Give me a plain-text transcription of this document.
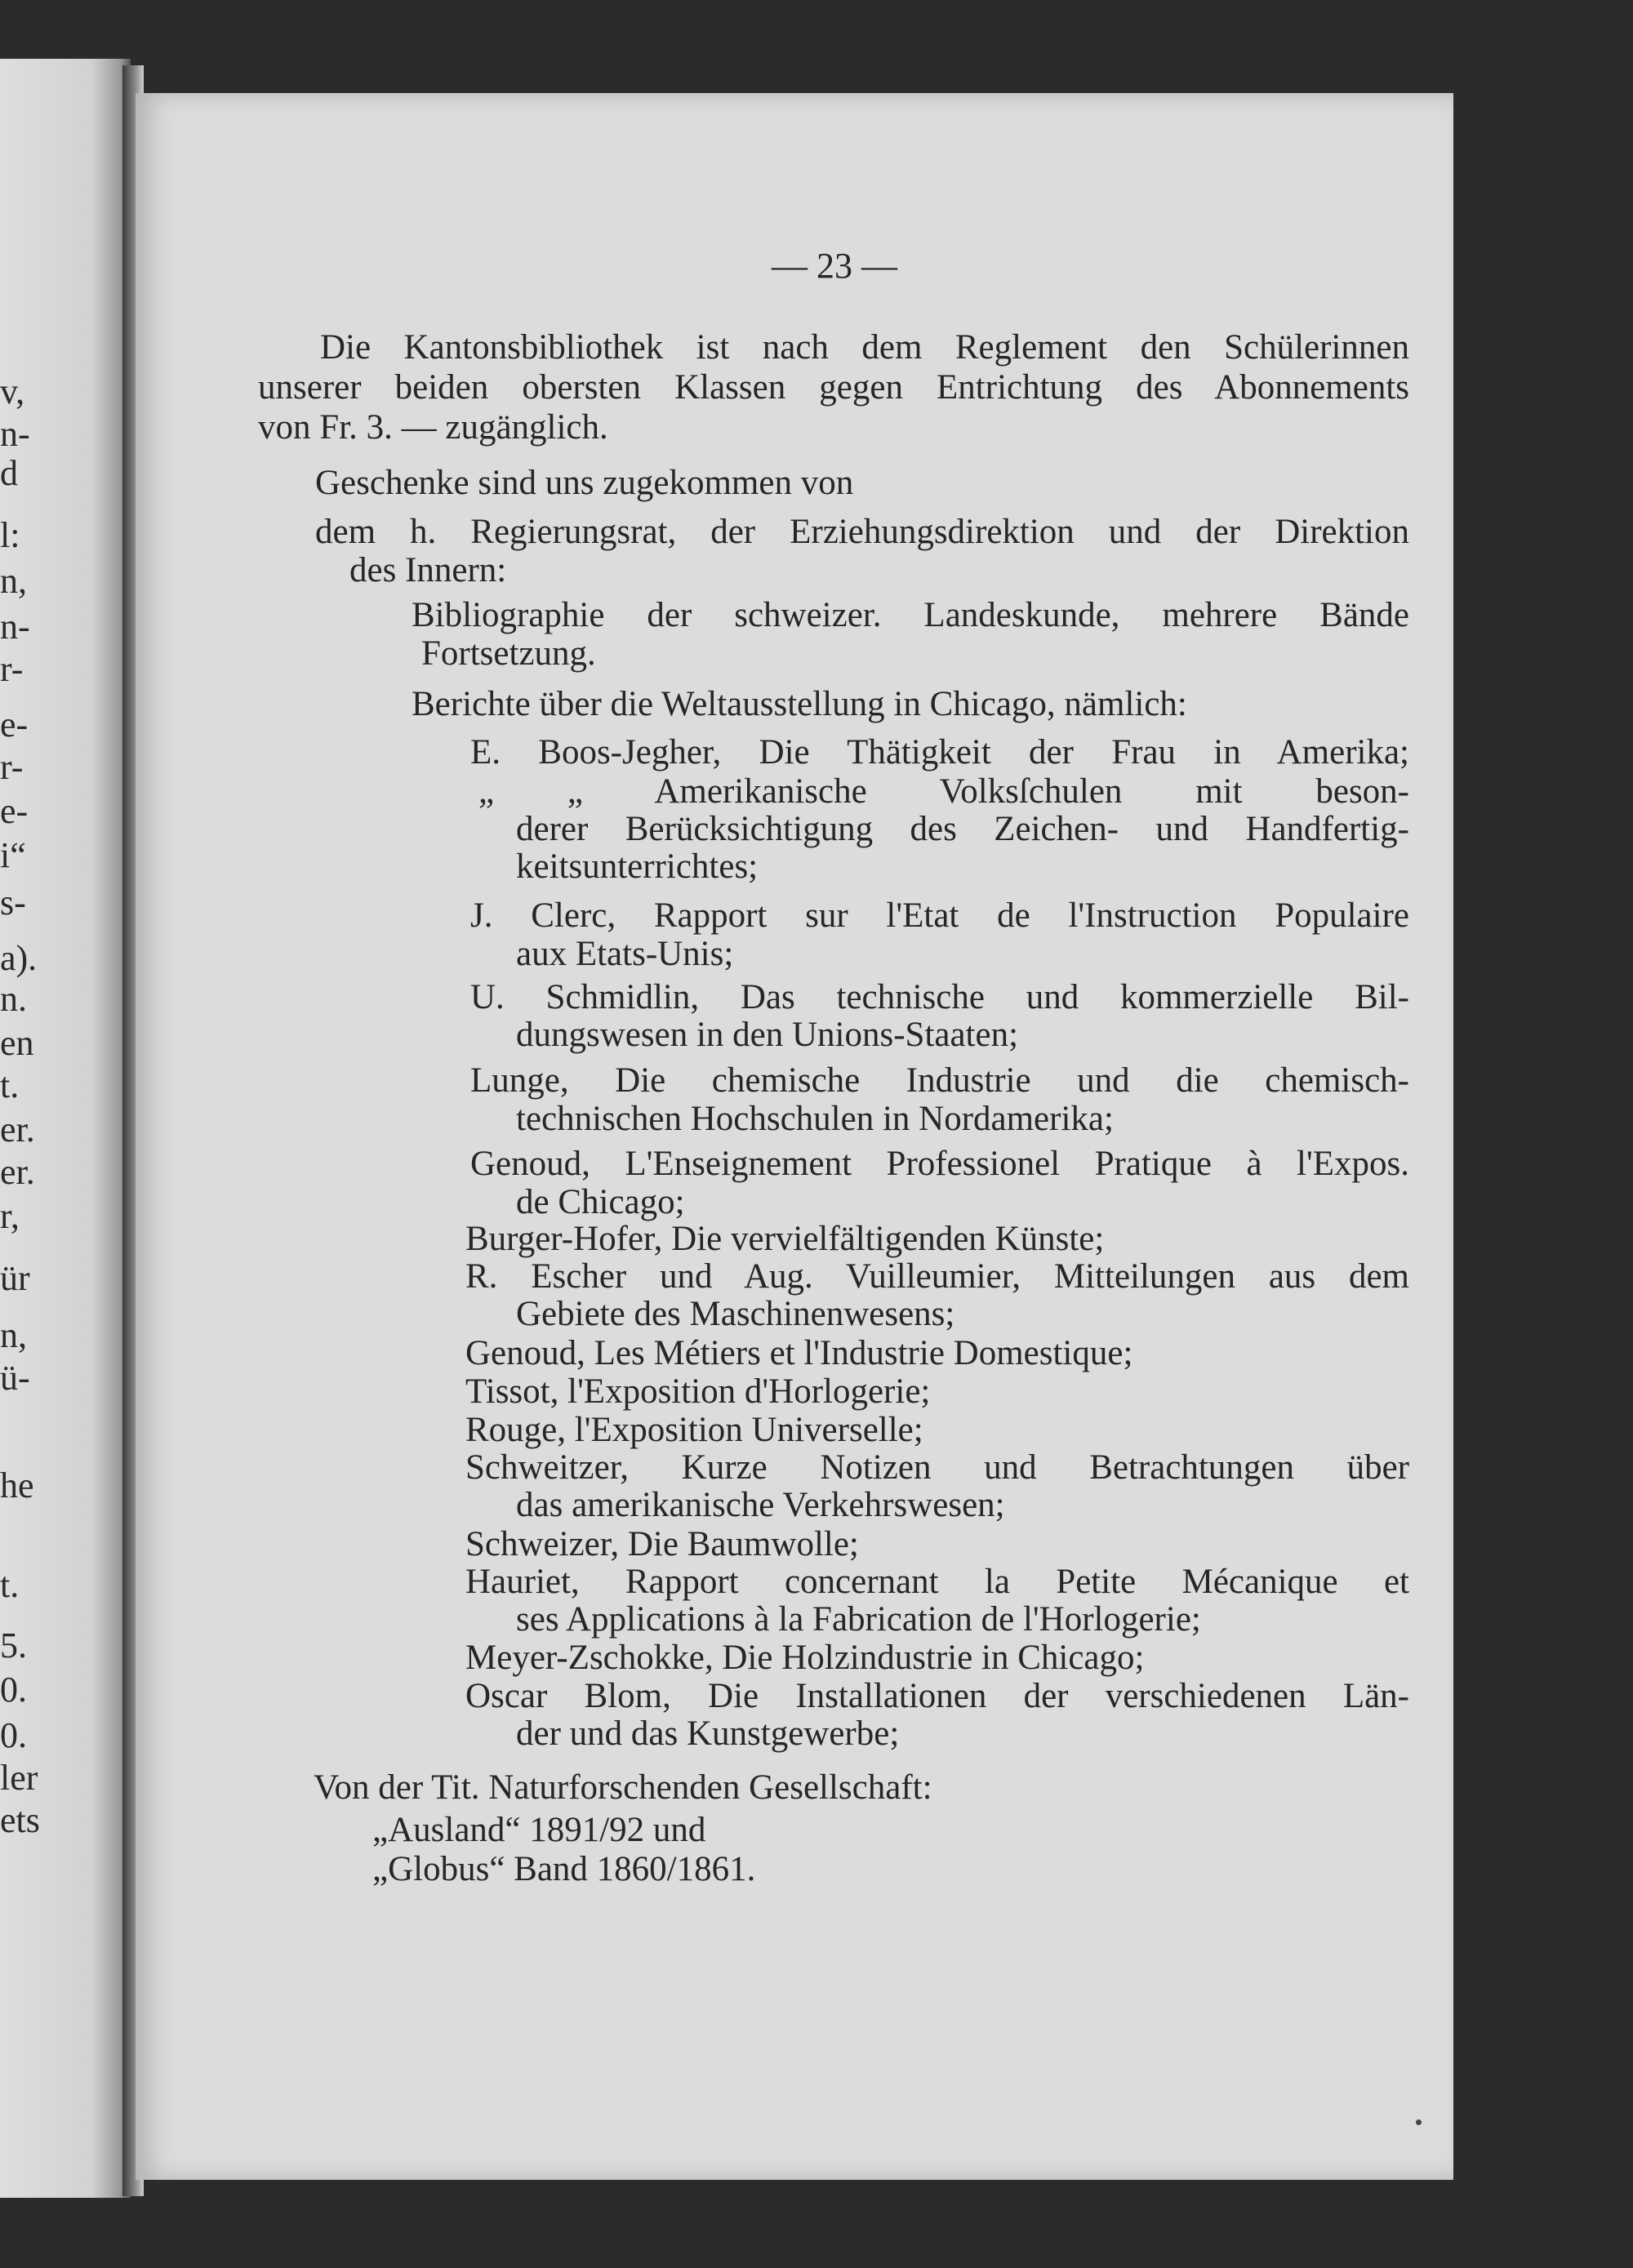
v,
n-
d
l:
n,
n-
r-
e-
r-
e-
i“
s-
a).
n.
en
t.
er.
er.
r,
ür
n,
ü-
he
t.
5.
0.
0.
ler
ets
— 23 —
Die Kantonsbibliothek ist nach dem Reglement den Schülerinnen
unserer beiden obersten Klassen gegen Entrichtung des Abonnements
von Fr. 3. — zugänglich.
Geschenke sind uns zugekommen von
dem h. Regierungsrat, der Erziehungsdirektion und der Direktion
des Innern:
Bibliographie der schweizer. Landeskunde, mehrere Bände
Fortsetzung.
Berichte über die Weltausstellung in Chicago, nämlich:
E. Boos-Jegher, Die Thätigkeit der Frau in Amerika;
„ „ Amerikanische Volksſchulen mit beson-
derer Berücksichtigung des Zeichen- und Handfertig-
keitsunterrichtes;
J. Clerc, Rapport sur l'Etat de l'Instruction Populaire
aux Etats-Unis;
U. Schmidlin, Das technische und kommerzielle Bil-
dungswesen in den Unions-Staaten;
Lunge, Die chemische Industrie und die chemisch-
technischen Hochschulen in Nordamerika;
Genoud, L'Enseignement Professionel Pratique à l'Expos.
de Chicago;
Burger-Hofer, Die vervielfältigenden Künste;
R. Escher und Aug. Vuilleumier, Mitteilungen aus dem
Gebiete des Maschinenwesens;
Genoud, Les Métiers et l'Industrie Domestique;
Tissot, l'Exposition d'Horlogerie;
Rouge, l'Exposition Universelle;
Schweitzer, Kurze Notizen und Betrachtungen über
das amerikanische Verkehrswesen;
Schweizer, Die Baumwolle;
Hauriet, Rapport concernant la Petite Mécanique et
ses Applications à la Fabrication de l'Horlogerie;
Meyer-Zschokke, Die Holzindustrie in Chicago;
Oscar Blom, Die Installationen der verschiedenen Län-
der und das Kunstgewerbe;
Von der Tit. Naturforschenden Gesellschaft:
„Ausland“ 1891/92 und
„Globus“ Band 1860/1861.
